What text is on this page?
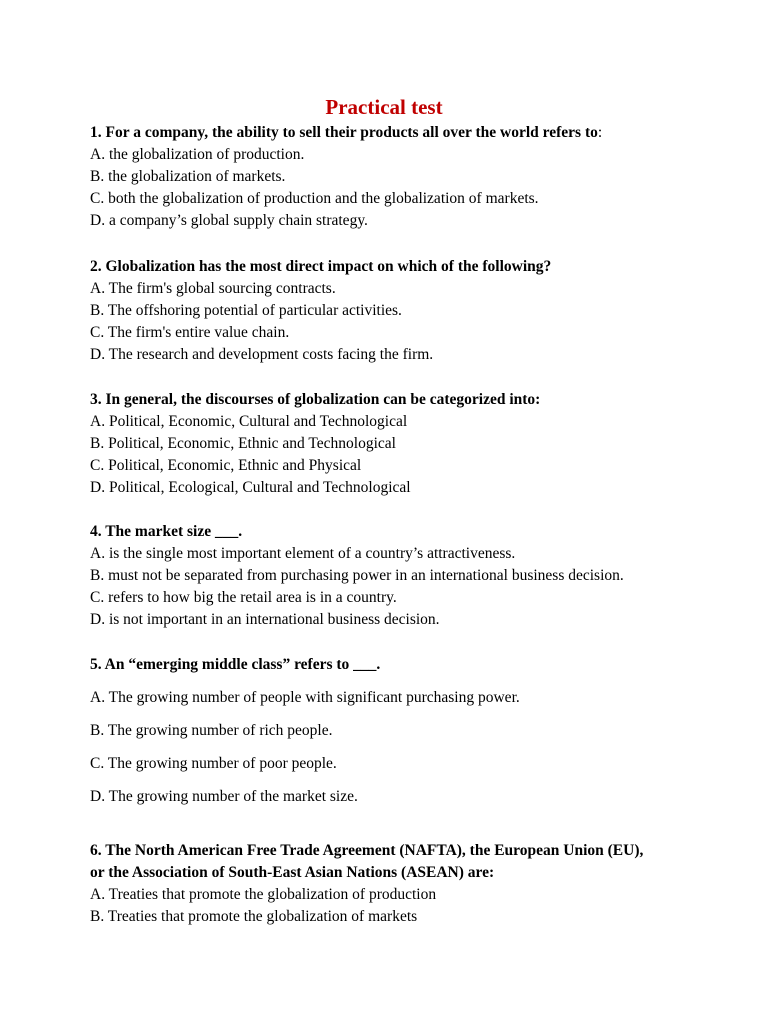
Practical test
1. For a company, the ability to sell their products all over the world refers to:
A. the globalization of production.
B. the globalization of markets.
C. both the globalization of production and the globalization of markets.
D. a company’s global supply chain strategy.
2. Globalization has the most direct impact on which of the following?
A. The firm's global sourcing contracts.
B. The offshoring potential of particular activities.
C. The firm's entire value chain.
D. The research and development costs facing the firm.
3. In general, the discourses of globalization can be categorized into:
A. Political, Economic, Cultural and Technological
B. Political, Economic, Ethnic and Technological
C. Political, Economic, Ethnic and Physical
D. Political, Ecological, Cultural and Technological
4. The market size ___.
A. is the single most important element of a country’s attractiveness.
B. must not be separated from purchasing power in an international business decision.
C. refers to how big the retail area is in a country.
D. is not important in an international business decision.
5. An “emerging middle class” refers to ___.
A. The growing number of people with significant purchasing power.
B. The growing number of rich people.
C. The growing number of poor people.
D. The growing number of the market size.
6. The North American Free Trade Agreement (NAFTA), the European Union (EU),
or the Association of South-East Asian Nations (ASEAN) are:
A. Treaties that promote the globalization of production
B. Treaties that promote the globalization of markets
